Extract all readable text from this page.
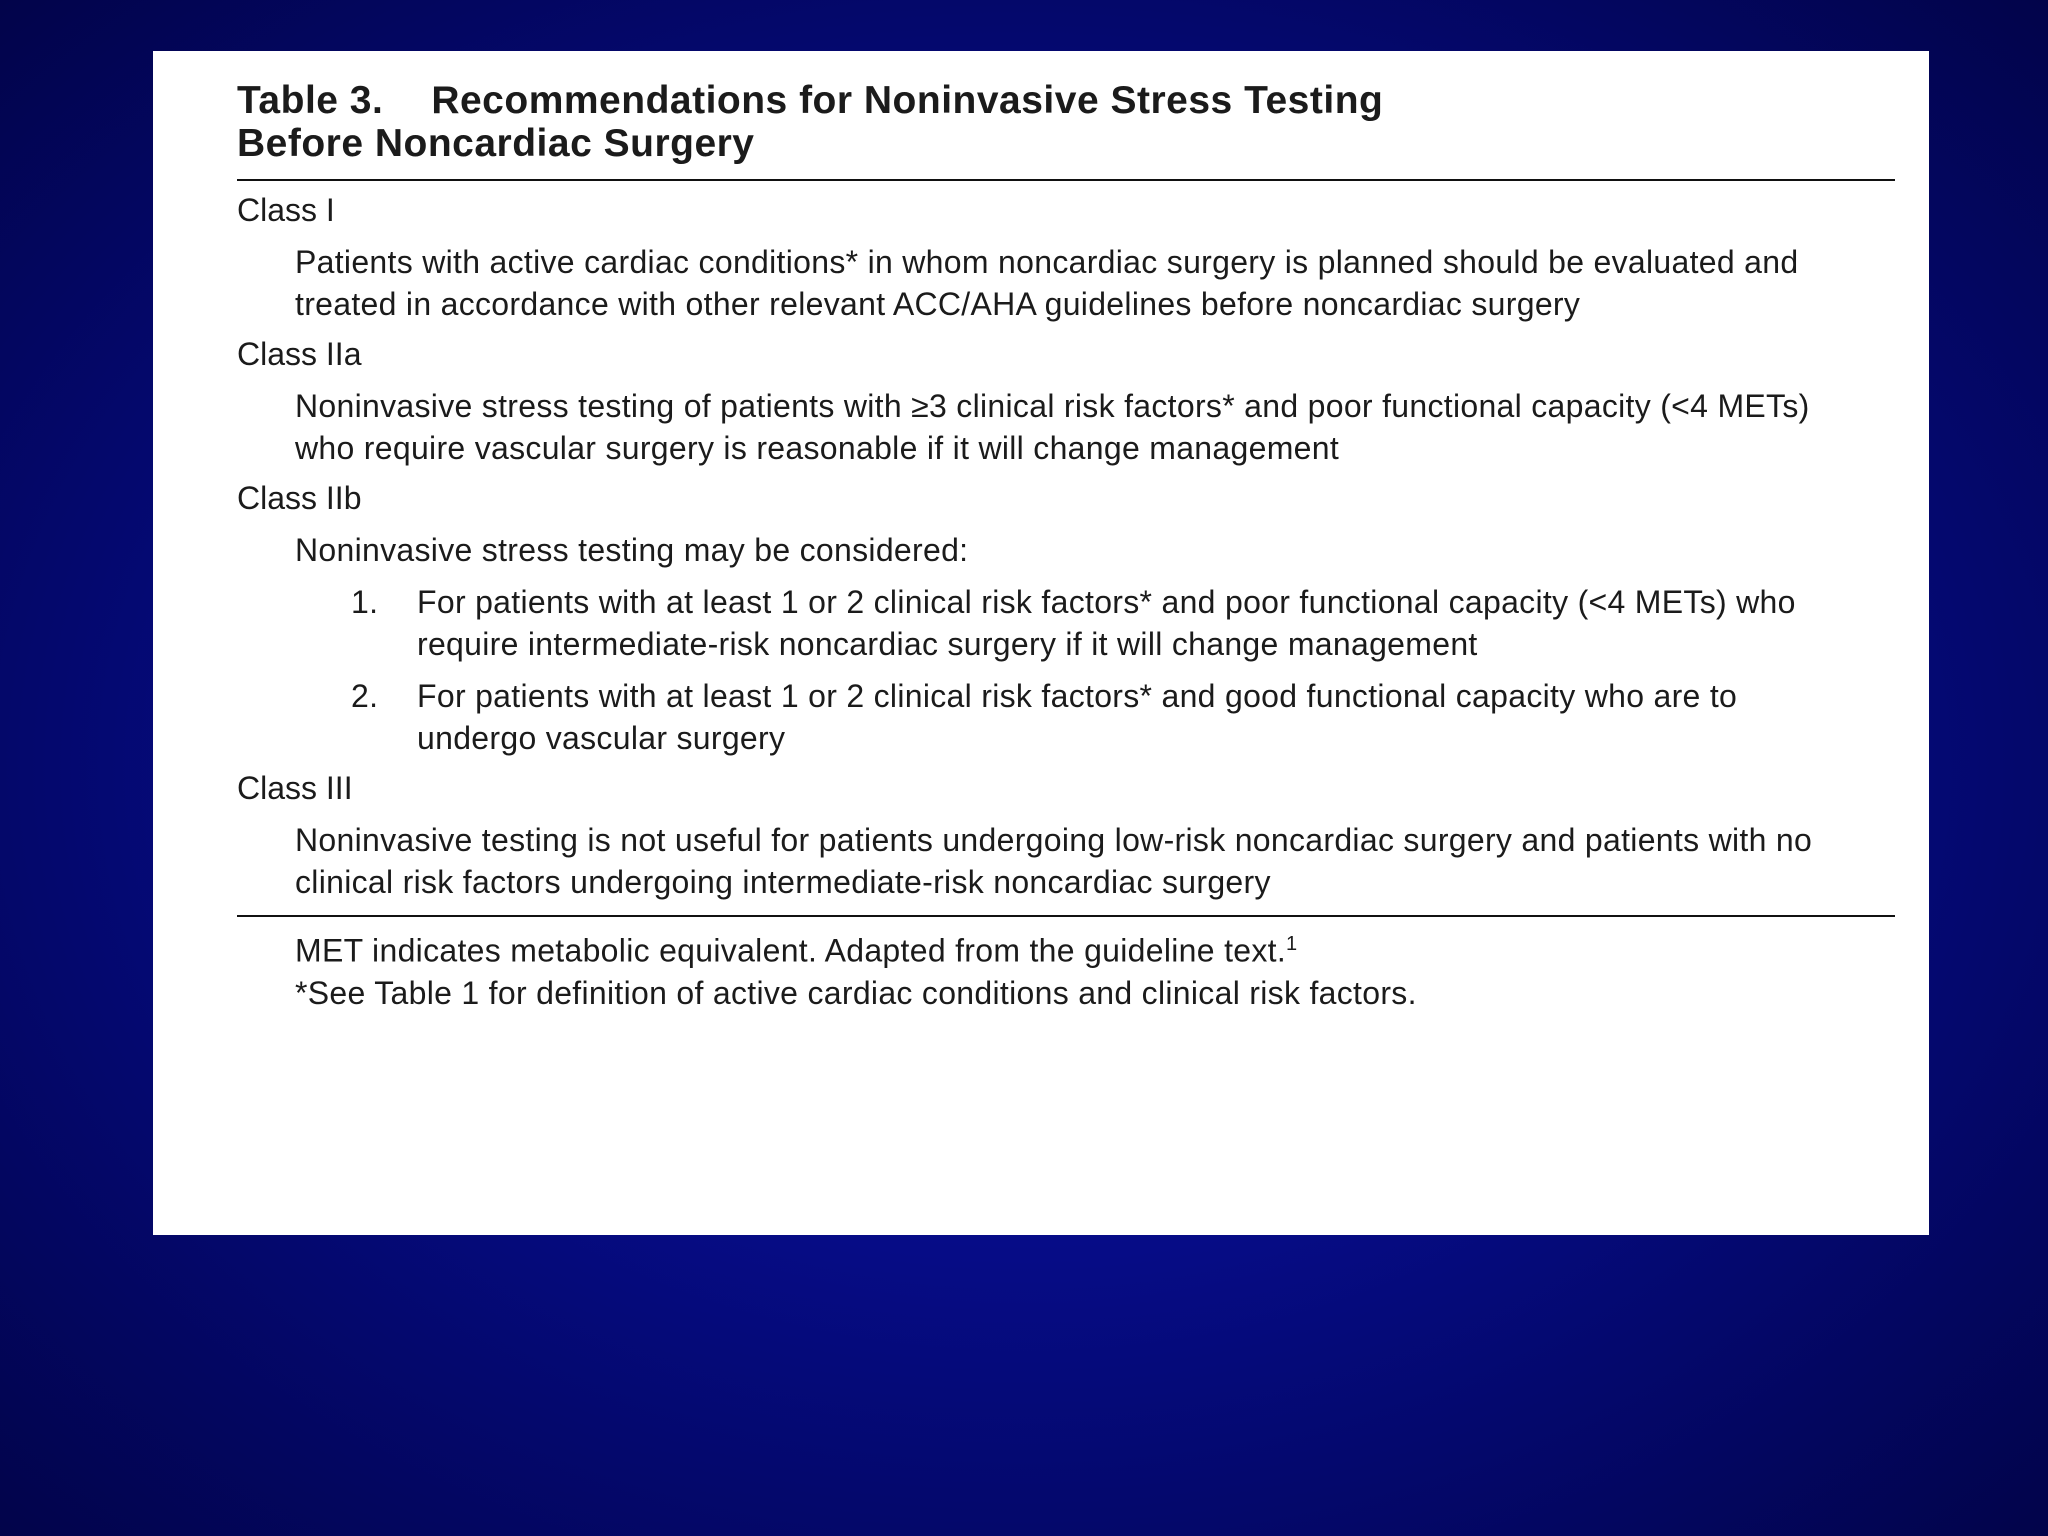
Table 3. Recommendations for Noninvasive Stress Testing
Before Noncardiac Surgery
Class I
Patients with active cardiac conditions* in whom noncardiac surgery is planned should be evaluated and treated in accordance with other relevant ACC/AHA guidelines before noncardiac surgery
Class IIa
Noninvasive stress testing of patients with ≥3 clinical risk factors* and poor functional capacity (<4 METs) who require vascular surgery is reasonable if it will change management
Class IIb
Noninvasive stress testing may be considered:
1.	For patients with at least 1 or 2 clinical risk factors* and poor functional capacity (<4 METs) who require intermediate-risk noncardiac surgery if it will change management
2.	For patients with at least 1 or 2 clinical risk factors* and good functional capacity who are to undergo vascular surgery
Class III
Noninvasive testing is not useful for patients undergoing low-risk noncardiac surgery and patients with no clinical risk factors undergoing intermediate-risk noncardiac surgery
MET indicates metabolic equivalent. Adapted from the guideline text.$^1$
*See Table 1 for definition of active cardiac conditions and clinical risk factors.
